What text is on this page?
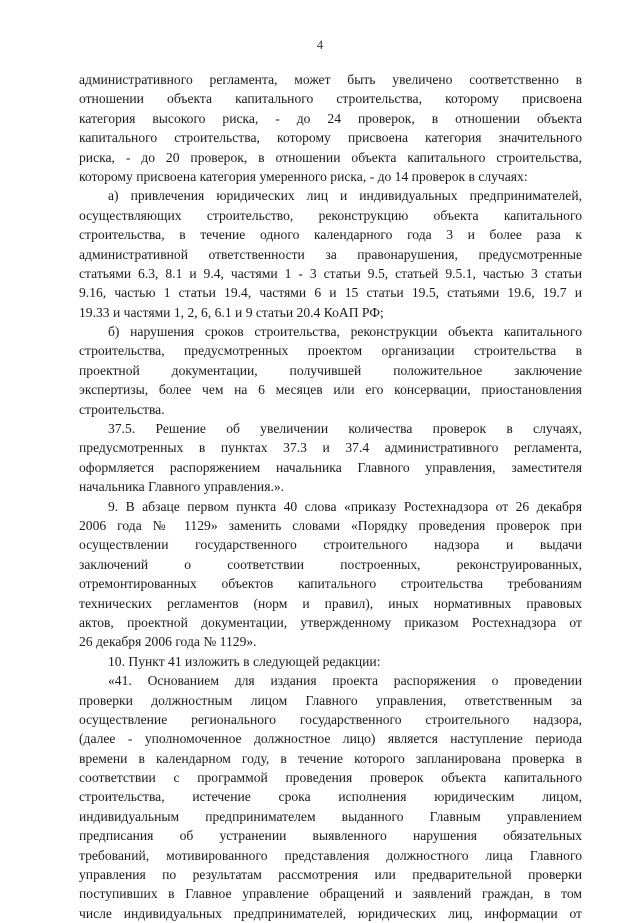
4
административного регламента, может быть увеличено соответственно в
отношении объекта капитального строительства, которому присвоена
категория высокого риска, - до 24 проверок, в отношении объекта
капитального строительства, которому присвоена категория значительного
риска, - до 20 проверок, в отношении объекта капитального строительства,
которому присвоена категория умеренного риска, - до 14 проверок в случаях:
а) привлечения юридических лиц и индивидуальных предпринимателей,
осуществляющих строительство, реконструкцию объекта капитального
строительства, в течение одного календарного года 3 и более раза к
административной ответственности за правонарушения, предусмотренные
статьями 6.3, 8.1 и 9.4, частями 1 - 3 статьи 9.5, статьей 9.5.1, частью 3 статьи
9.16, частью 1 статьи 19.4, частями 6 и 15 статьи 19.5, статьями 19.6, 19.7 и
19.33 и частями 1, 2, 6, 6.1 и 9 статьи 20.4 КоАП РФ;
б) нарушения сроков строительства, реконструкции объекта капитального
строительства, предусмотренных проектом организации строительства в
проектной документации, получившей положительное заключение
экспертизы, более чем на 6 месяцев или его консервации, приостановления
строительства.
37.5. Решение об увеличении количества проверок в случаях,
предусмотренных в пунктах 37.3 и 37.4 административного регламента,
оформляется распоряжением начальника Главного управления, заместителя
начальника Главного управления.».
9. В абзаце первом пункта 40 слова «приказу Ростехнадзора от 26 декабря
2006 года № 1129» заменить словами «Порядку проведения проверок при
осуществлении государственного строительного надзора и выдачи
заключений о соответствии построенных, реконструированных,
отремонтированных объектов капитального строительства требованиям
технических регламентов (норм и правил), иных нормативных правовых
актов, проектной документации, утвержденному приказом Ростехнадзора от
26 декабря 2006 года № 1129».
10. Пункт 41 изложить в следующей редакции:
«41. Основанием для издания проекта распоряжения о проведении
проверки должностным лицом Главного управления, ответственным за
осуществление регионального государственного строительного надзора,
(далее - уполномоченное должностное лицо) является наступление периода
времени в календарном году, в течение которого запланирована проверка в
соответствии с программой проведения проверок объекта капитального
строительства, истечение срока исполнения юридическим лицом,
индивидуальным предпринимателем выданного Главным управлением
предписания об устранении выявленного нарушения обязательных
требований, мотивированного представления должностного лица Главного
управления по результатам рассмотрения или предварительной проверки
поступивших в Главное управление обращений и заявлений граждан, в том
числе индивидуальных предпринимателей, юридических лиц, информации от
